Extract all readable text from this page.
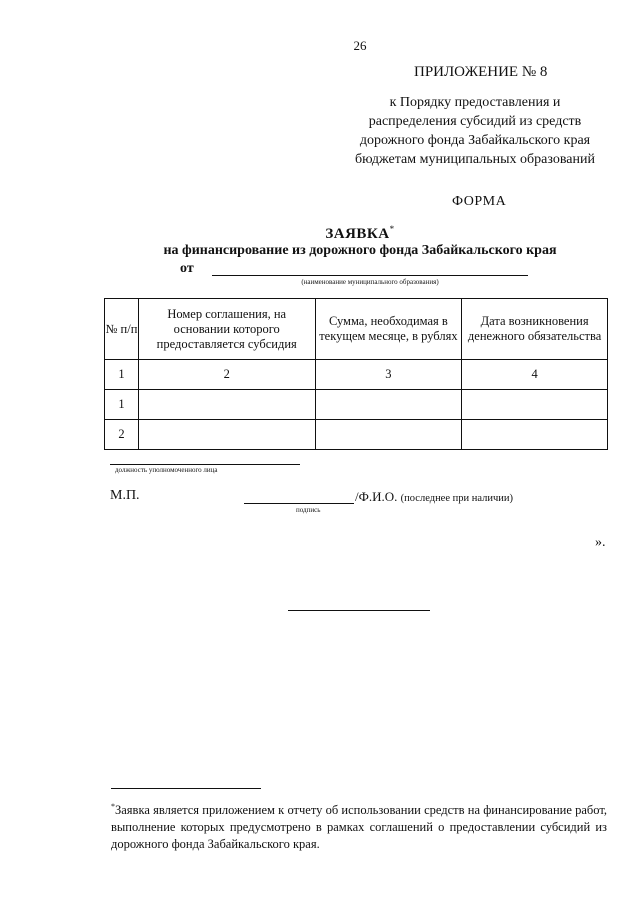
26
ПРИЛОЖЕНИЕ № 8
к Порядку предоставления и
распределения субсидий из средств
дорожного фонда Забайкальского края
бюджетам муниципальных образований
ФОРМА
ЗАЯВКА*
на финансирование из дорожного фонда Забайкальского края
от
(наименование муниципального образования)
№ п/п	Номер соглашения, на основании которого предоставляется субсидия	Сумма, необходимая в текущем месяце, в рублях	Дата возникновения денежного обязательства
1	2	3	4
1			
2			
должность уполномоченного лица
М.П.	/Ф.И.О. (последнее при наличии)
подпись
».
*Заявка является приложением к отчету об использовании средств на финансирование работ, выполнение которых предусмотрено в рамках соглашений о предоставлении субсидий из дорожного фонда Забайкальского края.
